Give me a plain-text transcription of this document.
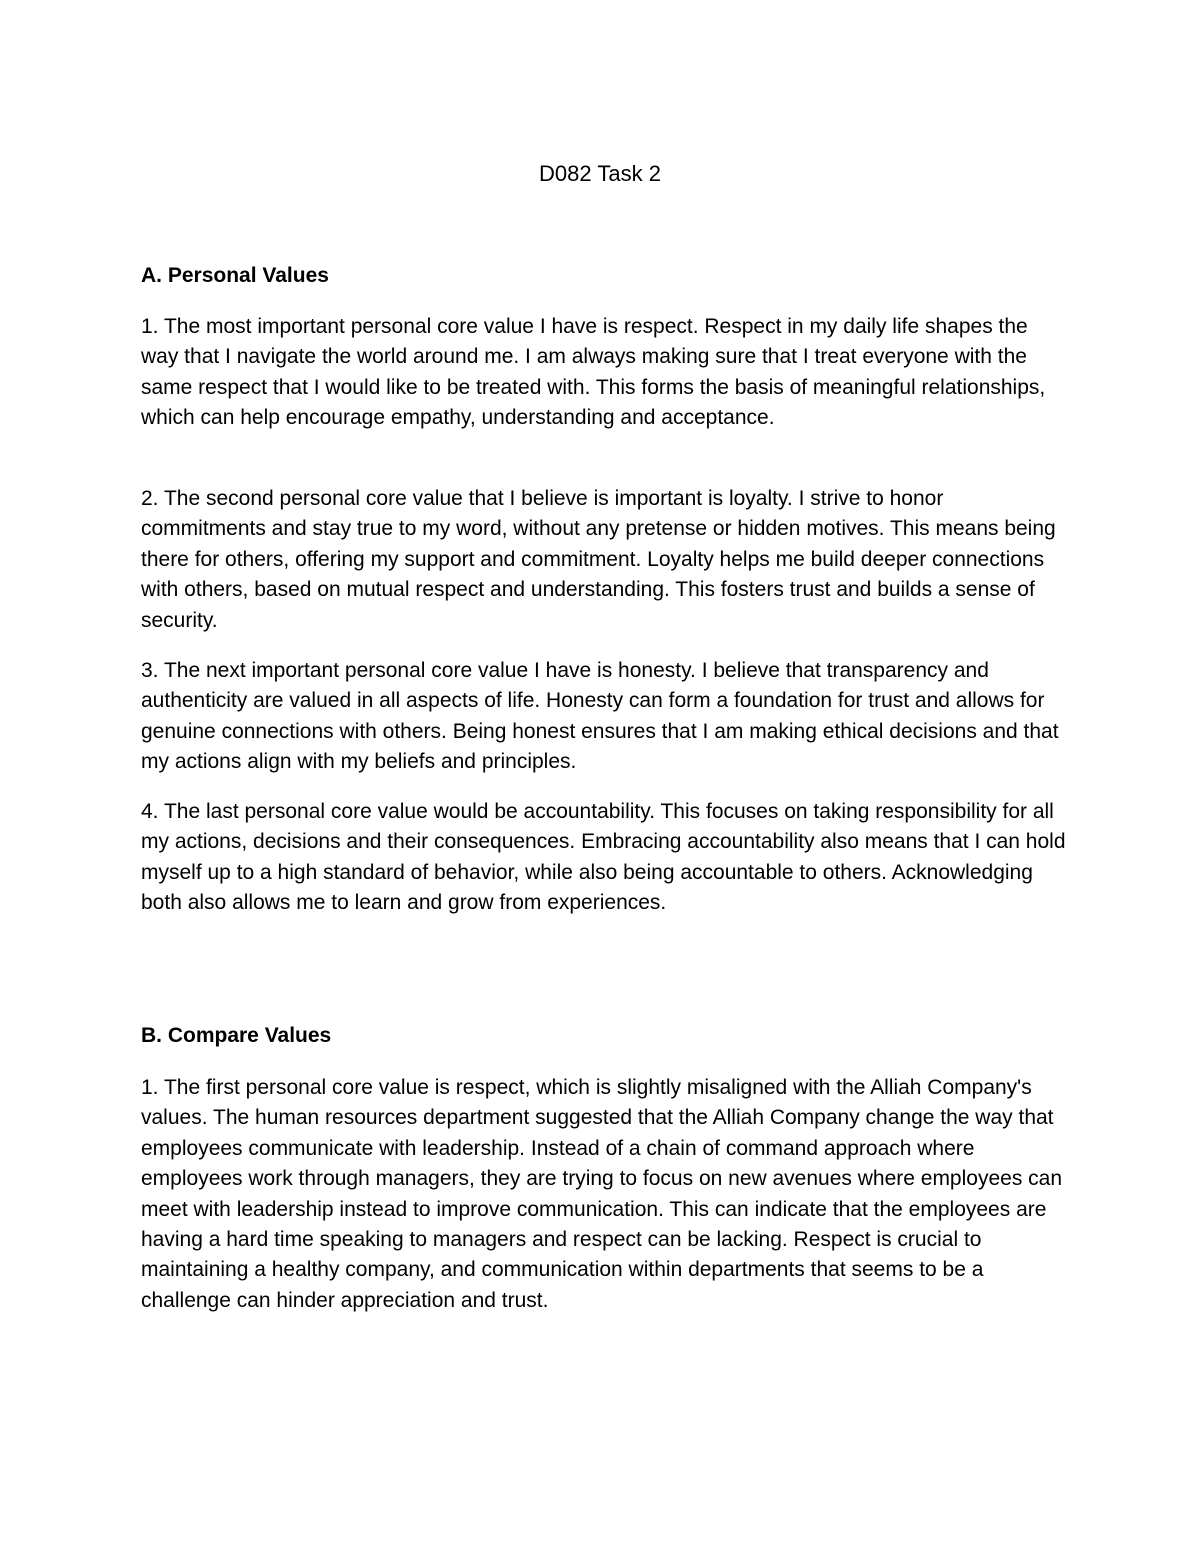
D082 Task 2
A. Personal Values

1. The most important personal core value I have is respect. Respect in my daily life shapes the way that I navigate the world around me. I am always making sure that I treat everyone with the same respect that I would like to be treated with. This forms the basis of meaningful relationships, which can help encourage empathy, understanding and acceptance.

2. The second personal core value that I believe is important is loyalty. I strive to honor commitments and stay true to my word, without any pretense or hidden motives. This means being there for others, offering my support and commitment. Loyalty helps me build deeper connections with others, based on mutual respect and understanding. This fosters trust and builds a sense of security.

3. The next important personal core value I have is honesty. I believe that transparency and authenticity are valued in all aspects of life. Honesty can form a foundation for trust and allows for genuine connections with others. Being honest ensures that I am making ethical decisions and that my actions align with my beliefs and principles.

4. The last personal core value would be accountability. This focuses on taking responsibility for all my actions, decisions and their consequences. Embracing accountability also means that I can hold myself up to a high standard of behavior, while also being accountable to others. Acknowledging both also allows me to learn and grow from experiences.

B. Compare Values

1. The first personal core value is respect, which is slightly misaligned with the Alliah Company's values. The human resources department suggested that the Alliah Company change the way that employees communicate with leadership. Instead of a chain of command approach where employees work through managers, they are trying to focus on new avenues where employees can meet with leadership instead to improve communication. This can indicate that the employees are having a hard time speaking to managers and respect can be lacking. Respect is crucial to maintaining a healthy company, and communication within departments that seems to be a challenge can hinder appreciation and trust.
